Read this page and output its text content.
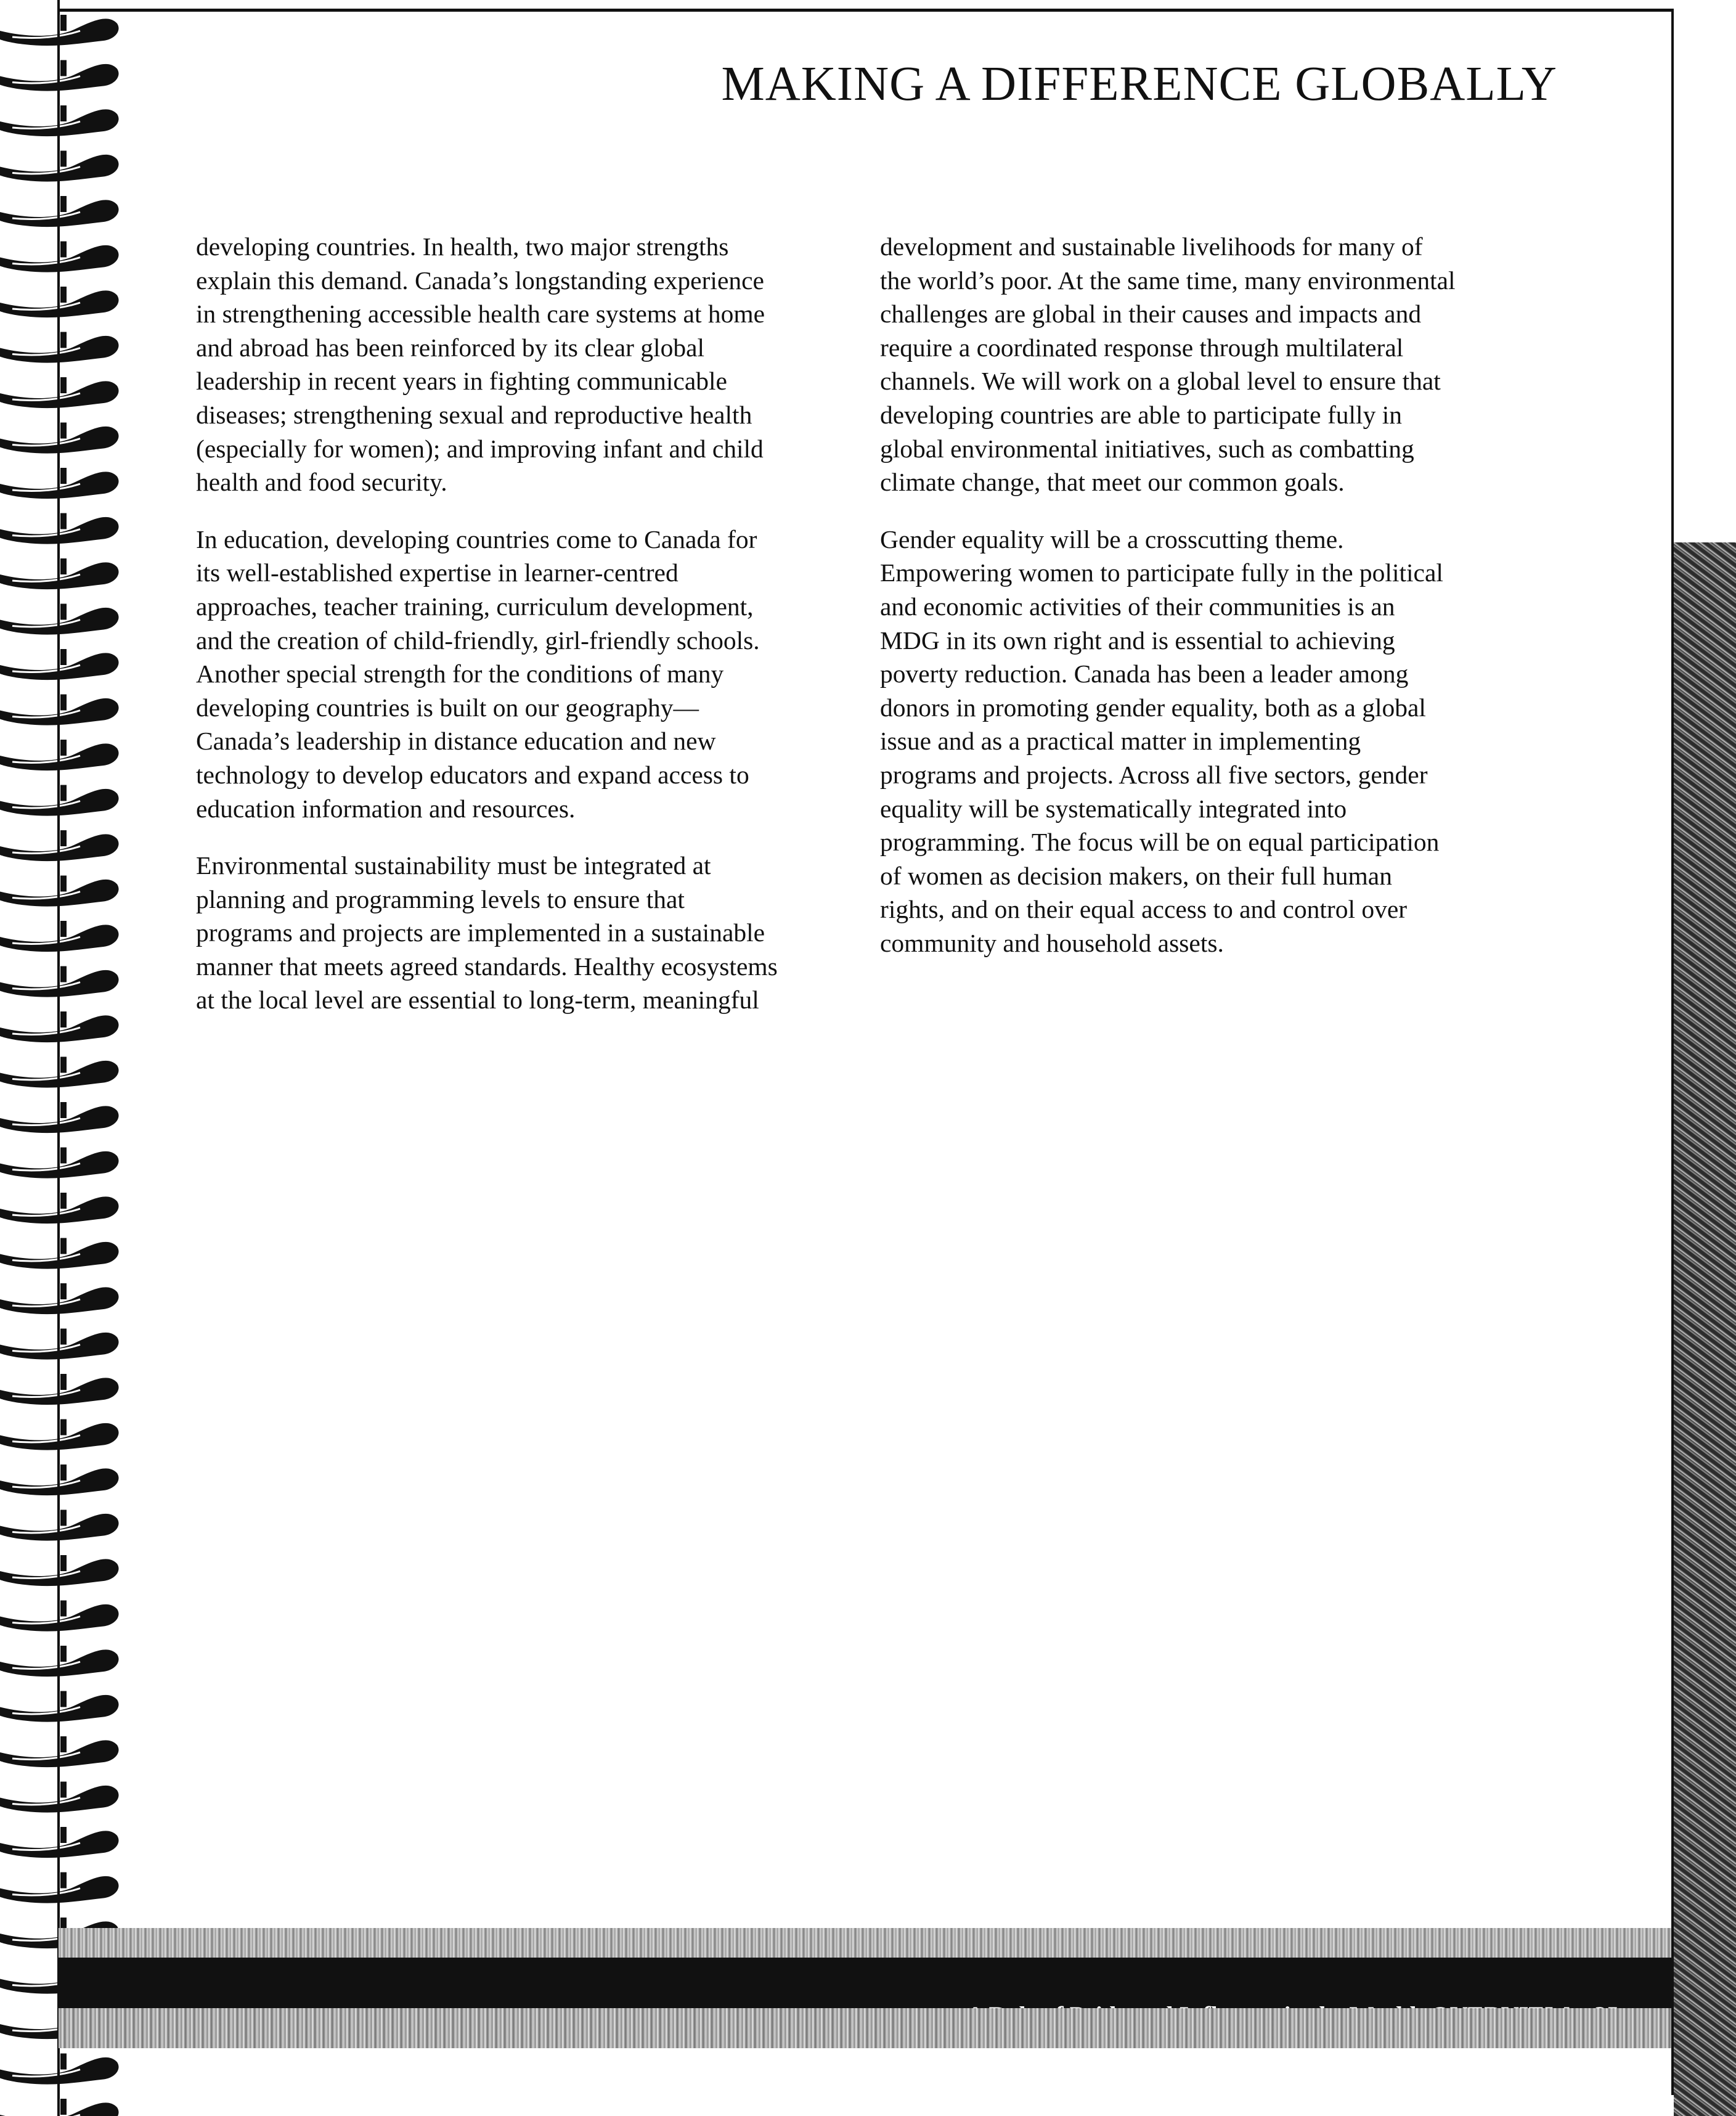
MAKING A DIFFERENCE GLOBALLY

developing countries. In health, two major strengths
explain this demand. Canada’s longstanding experience
in strengthening accessible health care systems at home
and abroad has been reinforced by its clear global
leadership in recent years in fighting communicable
diseases; strengthening sexual and reproductive health
(especially for women); and improving infant and child
health and food security.

In education, developing countries come to Canada for
its well-established expertise in learner-centred
approaches, teacher training, curriculum development,
and the creation of child-friendly, girl-friendly schools.
Another special strength for the conditions of many
developing countries is built on our geography—
Canada’s leadership in distance education and new
technology to develop educators and expand access to
education information and resources.

Environmental sustainability must be integrated at
planning and programming levels to ensure that
programs and projects are implemented in a sustainable
manner that meets agreed standards. Healthy ecosystems
at the local level are essential to long-term, meaningful

development and sustainable livelihoods for many of
the world’s poor. At the same time, many environmental
challenges are global in their causes and impacts and
require a coordinated response through multilateral
channels. We will work on a global level to ensure that
developing countries are able to participate fully in
global environmental initiatives, such as combatting
climate change, that meet our common goals.

Gender equality will be a crosscutting theme.
Empowering women to participate fully in the political
and economic activities of their communities is an
MDG in its own right and is essential to achieving
poverty reduction. Canada has been a leader among
donors in promoting gender equality, both as a global
issue and as a practical matter in implementing
programs and projects. Across all five sectors, gender
equality will be systematically integrated into
programming. The focus will be on equal participation
of women as decision makers, on their full human
rights, and on their equal access to and control over
community and household assets.
